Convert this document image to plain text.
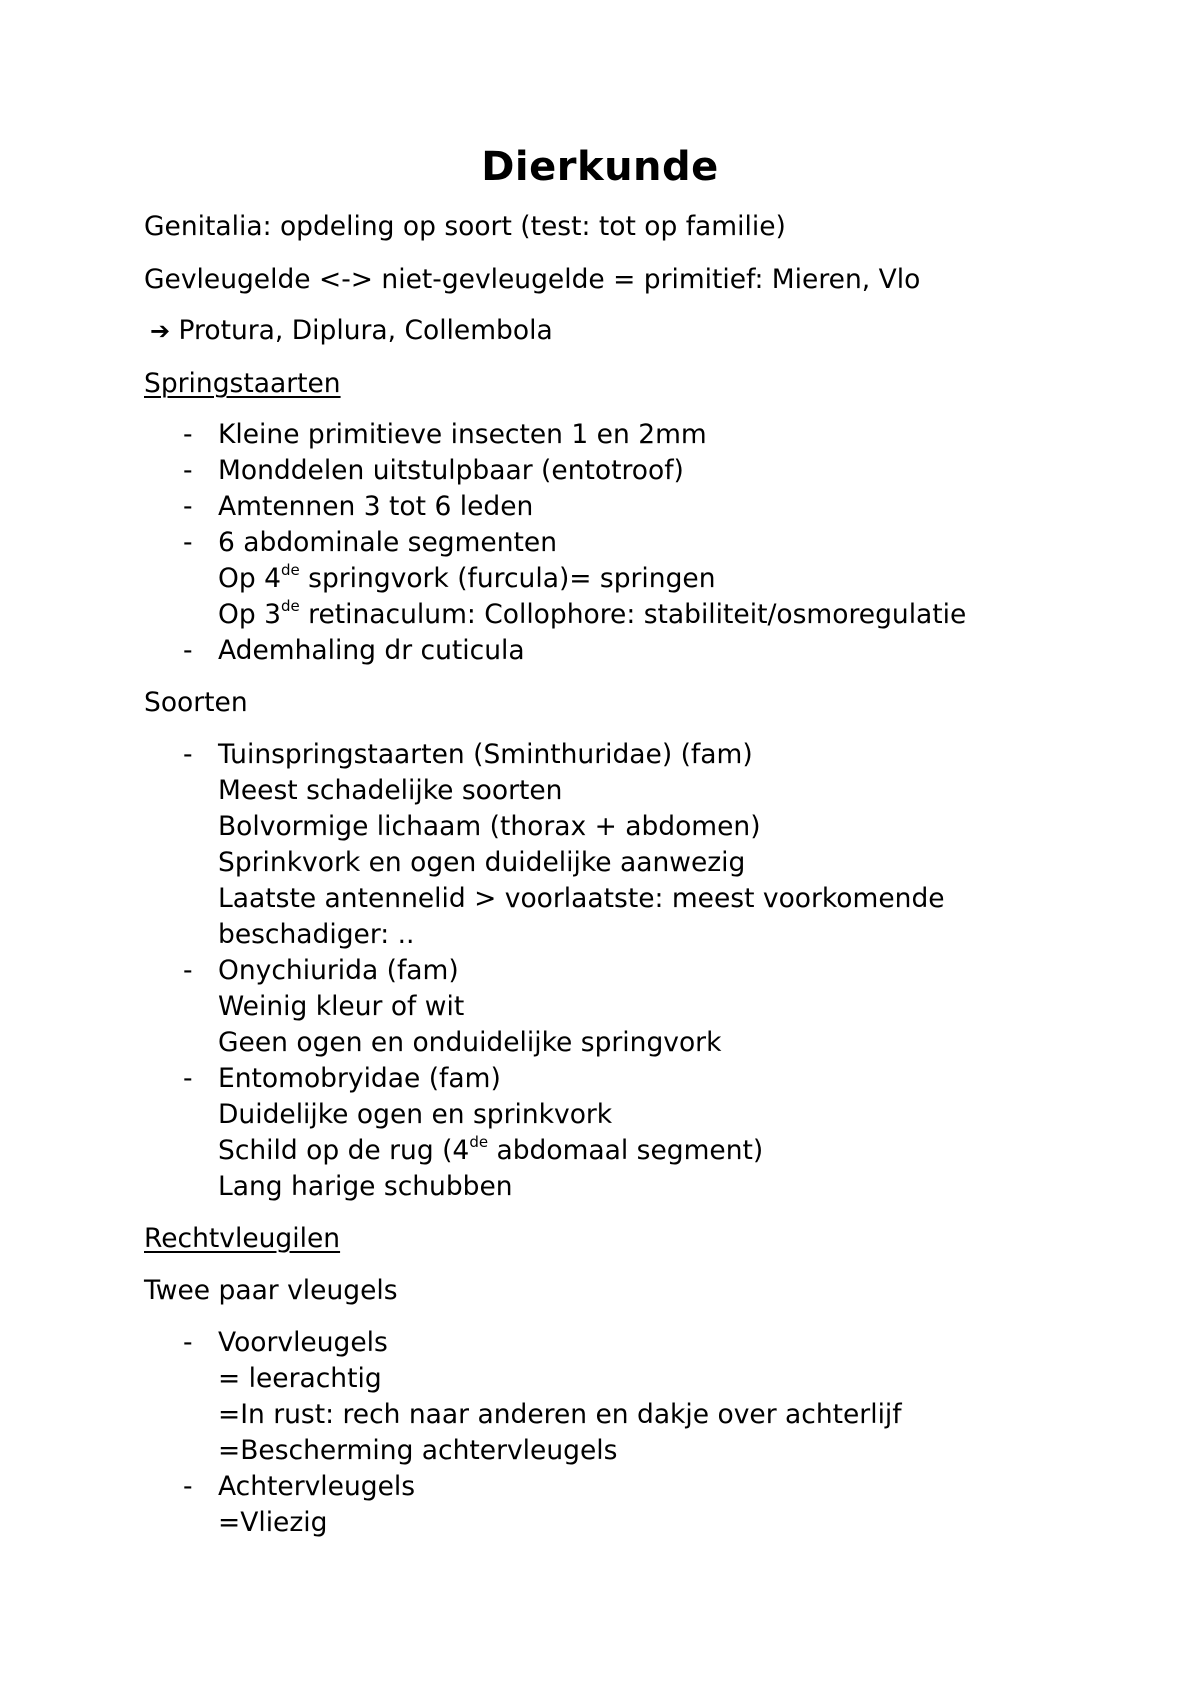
Dierkunde
Genitalia: opdeling op soort (test: tot op familie)
Gevleugelde <-> niet-gevleugelde = primitief: Mieren, Vlo
➔ Protura, Diplura, Collembola
Springstaarten
- Kleine primitieve insecten 1 en 2mm
- Monddelen uitstulpbaar (entotroof)
- Amtennen 3 tot 6 leden
- 6 abdominale segmenten
Op 4de springvork (furcula)= springen
Op 3de retinaculum: Collophore: stabiliteit/osmoregulatie
- Ademhaling dr cuticula
Soorten
- Tuinspringstaarten (Sminthuridae) (fam)
Meest schadelijke soorten
Bolvormige lichaam (thorax + abdomen)
Sprinkvork en ogen duidelijke aanwezig
Laatste antennelid > voorlaatste: meest voorkomende
beschadiger: ..
- Onychiurida (fam)
Weinig kleur of wit
Geen ogen en onduidelijke springvork
- Entomobryidae (fam)
Duidelijke ogen en sprinkvork
Schild op de rug (4de abdomaal segment)
Lang harige schubben
Rechtvleugilen
Twee paar vleugels
- Voorvleugels
= leerachtig
=In rust: rech naar anderen en dakje over achterlijf
=Bescherming achtervleugels
- Achtervleugels
=Vliezig
